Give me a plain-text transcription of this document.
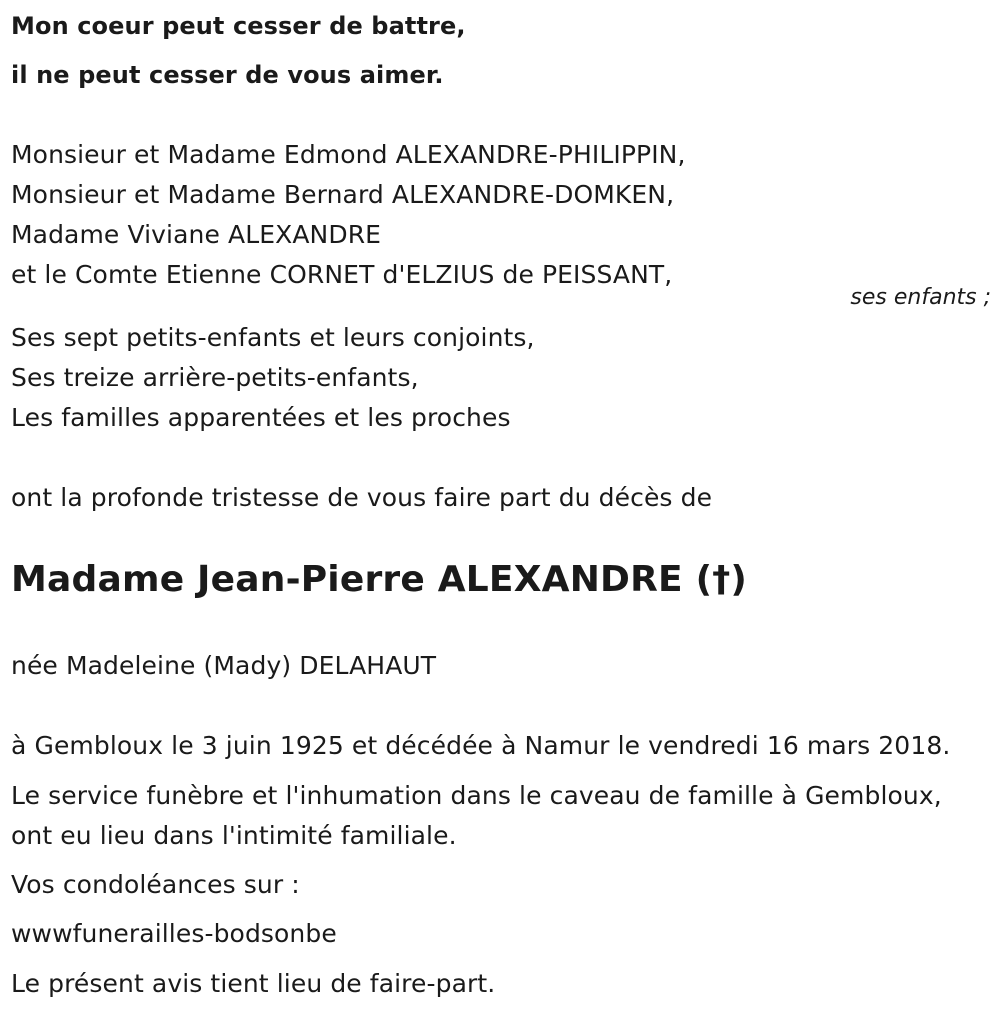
Mon coeur peut cesser de battre,
il ne peut cesser de vous aimer.
Monsieur et Madame Edmond ALEXANDRE-PHILIPPIN,
Monsieur et Madame Bernard ALEXANDRE-DOMKEN,
Madame Viviane ALEXANDRE
et le Comte Etienne CORNET d'ELZIUS de PEISSANT,
ses enfants ;
Ses sept petits-enfants et leurs conjoints,
Ses treize arrière-petits-enfants,
Les familles apparentées et les proches
ont la profonde tristesse de vous faire part du décès de
Madame Jean-Pierre ALEXANDRE (†)
née Madeleine (Mady) DELAHAUT
à Gembloux le 3 juin 1925 et décédée à Namur le vendredi 16 mars 2018.
Le service funèbre et l'inhumation dans le caveau de famille à Gembloux,
ont eu lieu dans l'intimité familiale.
Vos condoléances sur :
wwwfunerailles-bodsonbe
Le présent avis tient lieu de faire-part.
